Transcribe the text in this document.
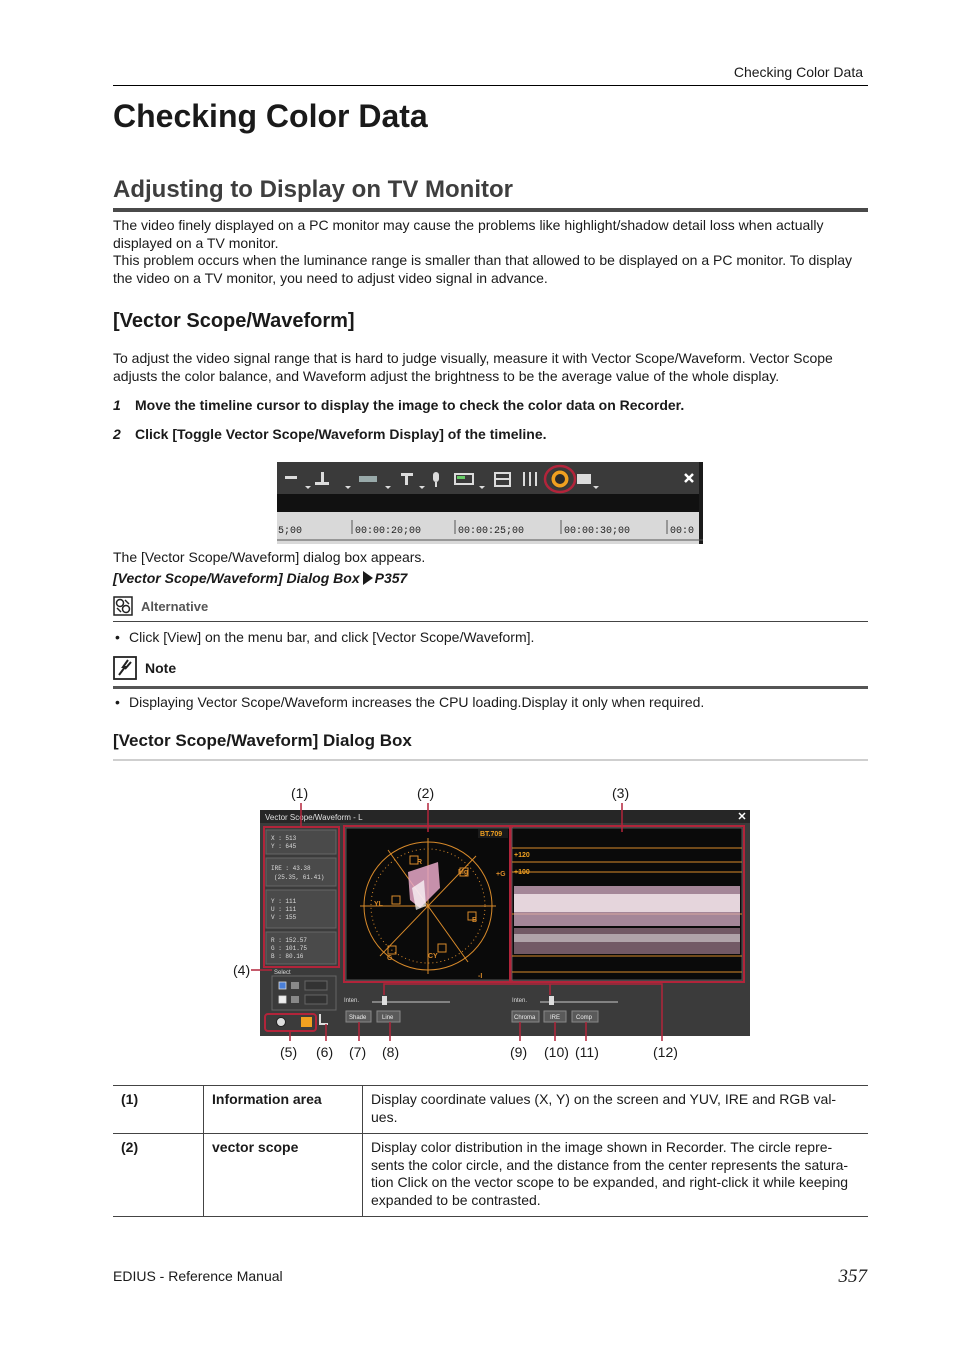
Checking Color Data
Checking Color Data
Adjusting to Display on TV Monitor
The video finely displayed on a PC monitor may cause the problems like highlight/shadow detail loss when actually displayed on a TV monitor.
This problem occurs when the luminance range is smaller than that allowed to be displayed on a PC monitor. To display the video on a TV monitor, you need to adjust video signal in advance.
[Vector Scope/Waveform]
To adjust the video signal range that is hard to judge visually, measure it with Vector Scope/Waveform. Vector Scope adjusts the color balance, and Waveform adjust the brightness to be the average value of the whole display.
1 Move the timeline cursor to display the image to check the color data on Recorder.
2 Click [Toggle Vector Scope/Waveform Display] of the timeline.
5;00	00:00:20;00	00:00:25;00	00:00:30;00	00:0
The [Vector Scope/Waveform] dialog box appears.
[Vector Scope/Waveform] Dialog Box P357
Alternative
• Click [View] on the menu bar, and click [Vector Scope/Waveform].
Note
• Displaying Vector Scope/Waveform increases the CPU loading.Display it only when required.
[Vector Scope/Waveform] Dialog Box
(1)	(2)	(3)
(4)
(5) (6) (7) (8)	(9) (10) (11)	(12)
Vector Scope/Waveform - L
X : 513
Y : 645
IRE : 43.38
(25.35, 61.41)
Y : 111
U : 111
V : 155
R : 152.57
G : 101.75
B : 80.16
Select
BT.709
R
Mg
YL
+G
B
G	CY
-I
+120
+100
Inten.	Inten.
Shade	Line	Chroma IRE	Comp
(1)	Information area	Display coordinate values (X, Y) on the screen and YUV, IRE and RGB val-ues.
(2)	vector scope	Display color distribution in the image shown in Recorder. The circle repre-sents the color circle, and the distance from the center represents the satura-tion Click on the vector scope to be expanded, and right-click it while keeping expanded to be contrasted.
EDIUS - Reference Manual	357
